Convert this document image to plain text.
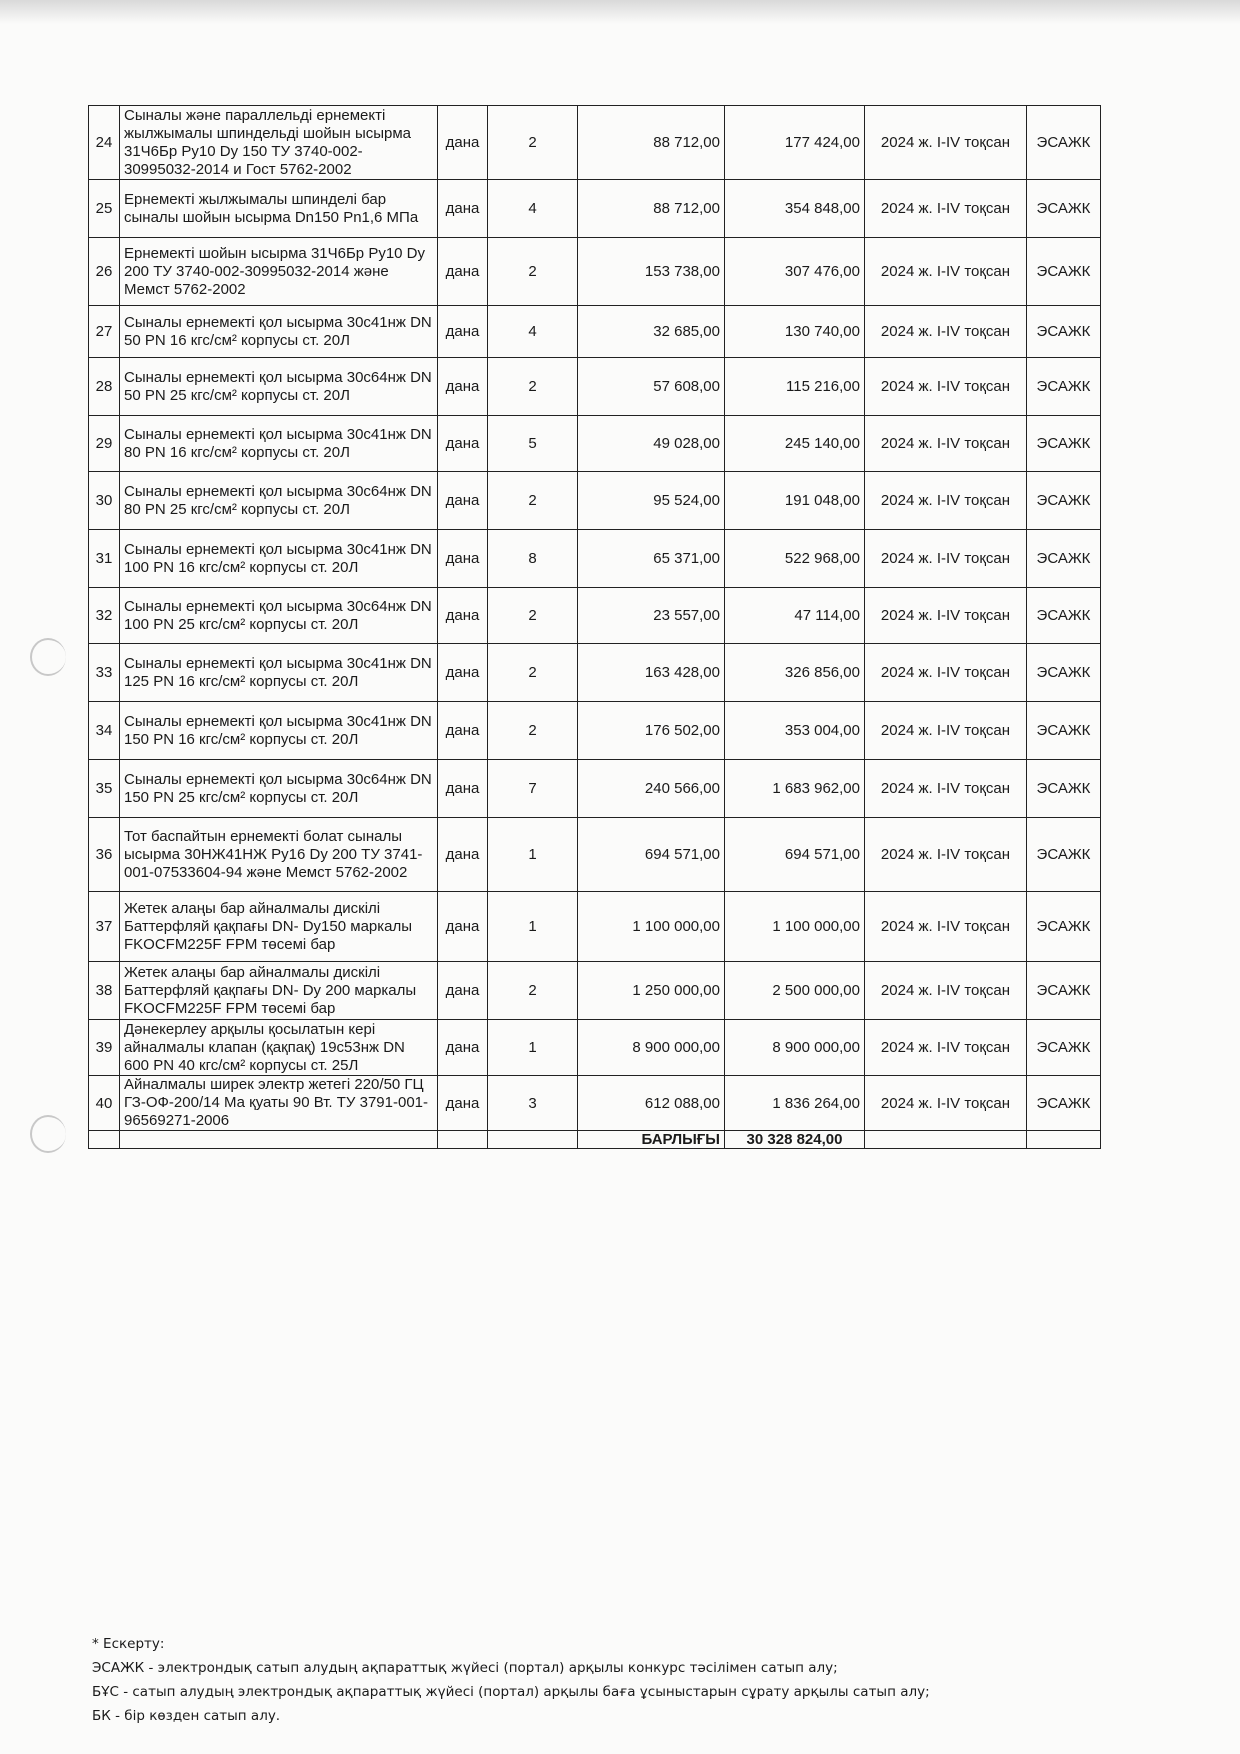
24	Сыналы және параллельді ернемекті жылжымалы шпиндельді шойын ысырма 31Ч6Бр Ру10 Dу 150 ТУ 3740-002-30995032-2014 и Гост 5762-2002	дана	2	88 712,00	177 424,00	2024 ж. I-IV тоқсан	ЭСАЖК
25	Ернемекті жылжымалы шпинделі бар сыналы шойын ысырма Dn150 Pn1,6 МПа	дана	4	88 712,00	354 848,00	2024 ж. I-IV тоқсан	ЭСАЖК
26	Ернемекті шойын ысырма 31Ч6Бр Ру10 Dу 200 ТУ 3740-002-30995032-2014 және Мемст 5762-2002	дана	2	153 738,00	307 476,00	2024 ж. I-IV тоқсан	ЭСАЖК
27	Сыналы ернемекті қол ысырма 30с41нж DN 50 PN 16 кгс/см² корпусы ст. 20Л	дана	4	32 685,00	130 740,00	2024 ж. I-IV тоқсан	ЭСАЖК
28	Сыналы ернемекті қол ысырма 30с64нж DN 50 PN 25 кгс/см² корпусы ст. 20Л	дана	2	57 608,00	115 216,00	2024 ж. I-IV тоқсан	ЭСАЖК
29	Сыналы ернемекті қол ысырма 30с41нж DN 80 PN 16 кгс/см² корпусы ст. 20Л	дана	5	49 028,00	245 140,00	2024 ж. I-IV тоқсан	ЭСАЖК
30	Сыналы ернемекті қол ысырма 30с64нж DN 80 PN 25 кгс/см² корпусы ст. 20Л	дана	2	95 524,00	191 048,00	2024 ж. I-IV тоқсан	ЭСАЖК
31	Сыналы ернемекті қол ысырма 30с41нж DN 100 PN 16 кгс/см² корпусы ст. 20Л	дана	8	65 371,00	522 968,00	2024 ж. I-IV тоқсан	ЭСАЖК
32	Сыналы ернемекті қол ысырма 30с64нж DN 100 PN 25 кгс/см² корпусы ст. 20Л	дана	2	23 557,00	47 114,00	2024 ж. I-IV тоқсан	ЭСАЖК
33	Сыналы ернемекті қол ысырма 30с41нж DN 125 PN 16 кгс/см² корпусы ст. 20Л	дана	2	163 428,00	326 856,00	2024 ж. I-IV тоқсан	ЭСАЖК
34	Сыналы ернемекті қол ысырма 30с41нж DN 150 PN 16 кгс/см² корпусы ст. 20Л	дана	2	176 502,00	353 004,00	2024 ж. I-IV тоқсан	ЭСАЖК
35	Сыналы ернемекті қол ысырма 30с64нж DN 150 PN 25 кгс/см² корпусы ст. 20Л	дана	7	240 566,00	1 683 962,00	2024 ж. I-IV тоқсан	ЭСАЖК
36	Тот баспайтын ернемекті болат сыналы ысырма 30НЖ41НЖ Ру16 Dу 200 ТУ 3741-001-07533604-94 және Мемст 5762-2002	дана	1	694 571,00	694 571,00	2024 ж. I-IV тоқсан	ЭСАЖК
37	Жетек алаңы бар айналмалы дискілі Баттерфляй қақпағы DN- Dу150 маркалы FKOCFM225F FPM төсемі бар	дана	1	1 100 000,00	1 100 000,00	2024 ж. I-IV тоқсан	ЭСАЖК
38	Жетек алаңы бар айналмалы дискілі Баттерфляй қақпағы DN- Dу 200 маркалы FKOCFM225F FPM төсемі бар	дана	2	1 250 000,00	2 500 000,00	2024 ж. I-IV тоқсан	ЭСАЖК
39	Дәнекерлеу арқылы қосылатын кері айналмалы клапан (қақпақ) 19с53нж DN 600 PN 40 кгс/см² корпусы ст. 25Л	дана	1	8 900 000,00	8 900 000,00	2024 ж. I-IV тоқсан	ЭСАЖК
40	Айналмалы ширек электр жетегі 220/50 ГЦ ГЗ-ОФ-200/14 Ма қуаты 90 Вт. ТУ 3791-001-96569271-2006	дана	3	612 088,00	1 836 264,00	2024 ж. I-IV тоқсан	ЭСАЖК
				БАРЛЫҒЫ	30 328 824,00		
* Ескерту:
ЭСАЖК - электрондық сатып алудың ақпараттық жүйесі (портал) арқылы конкурс тәсілімен сатып алу;
БҰС - сатып алудың электрондық ақпараттық жүйесі (портал) арқылы баға ұсыныстарын сұрату арқылы сатып алу;
БК - бір көзден сатып алу.
